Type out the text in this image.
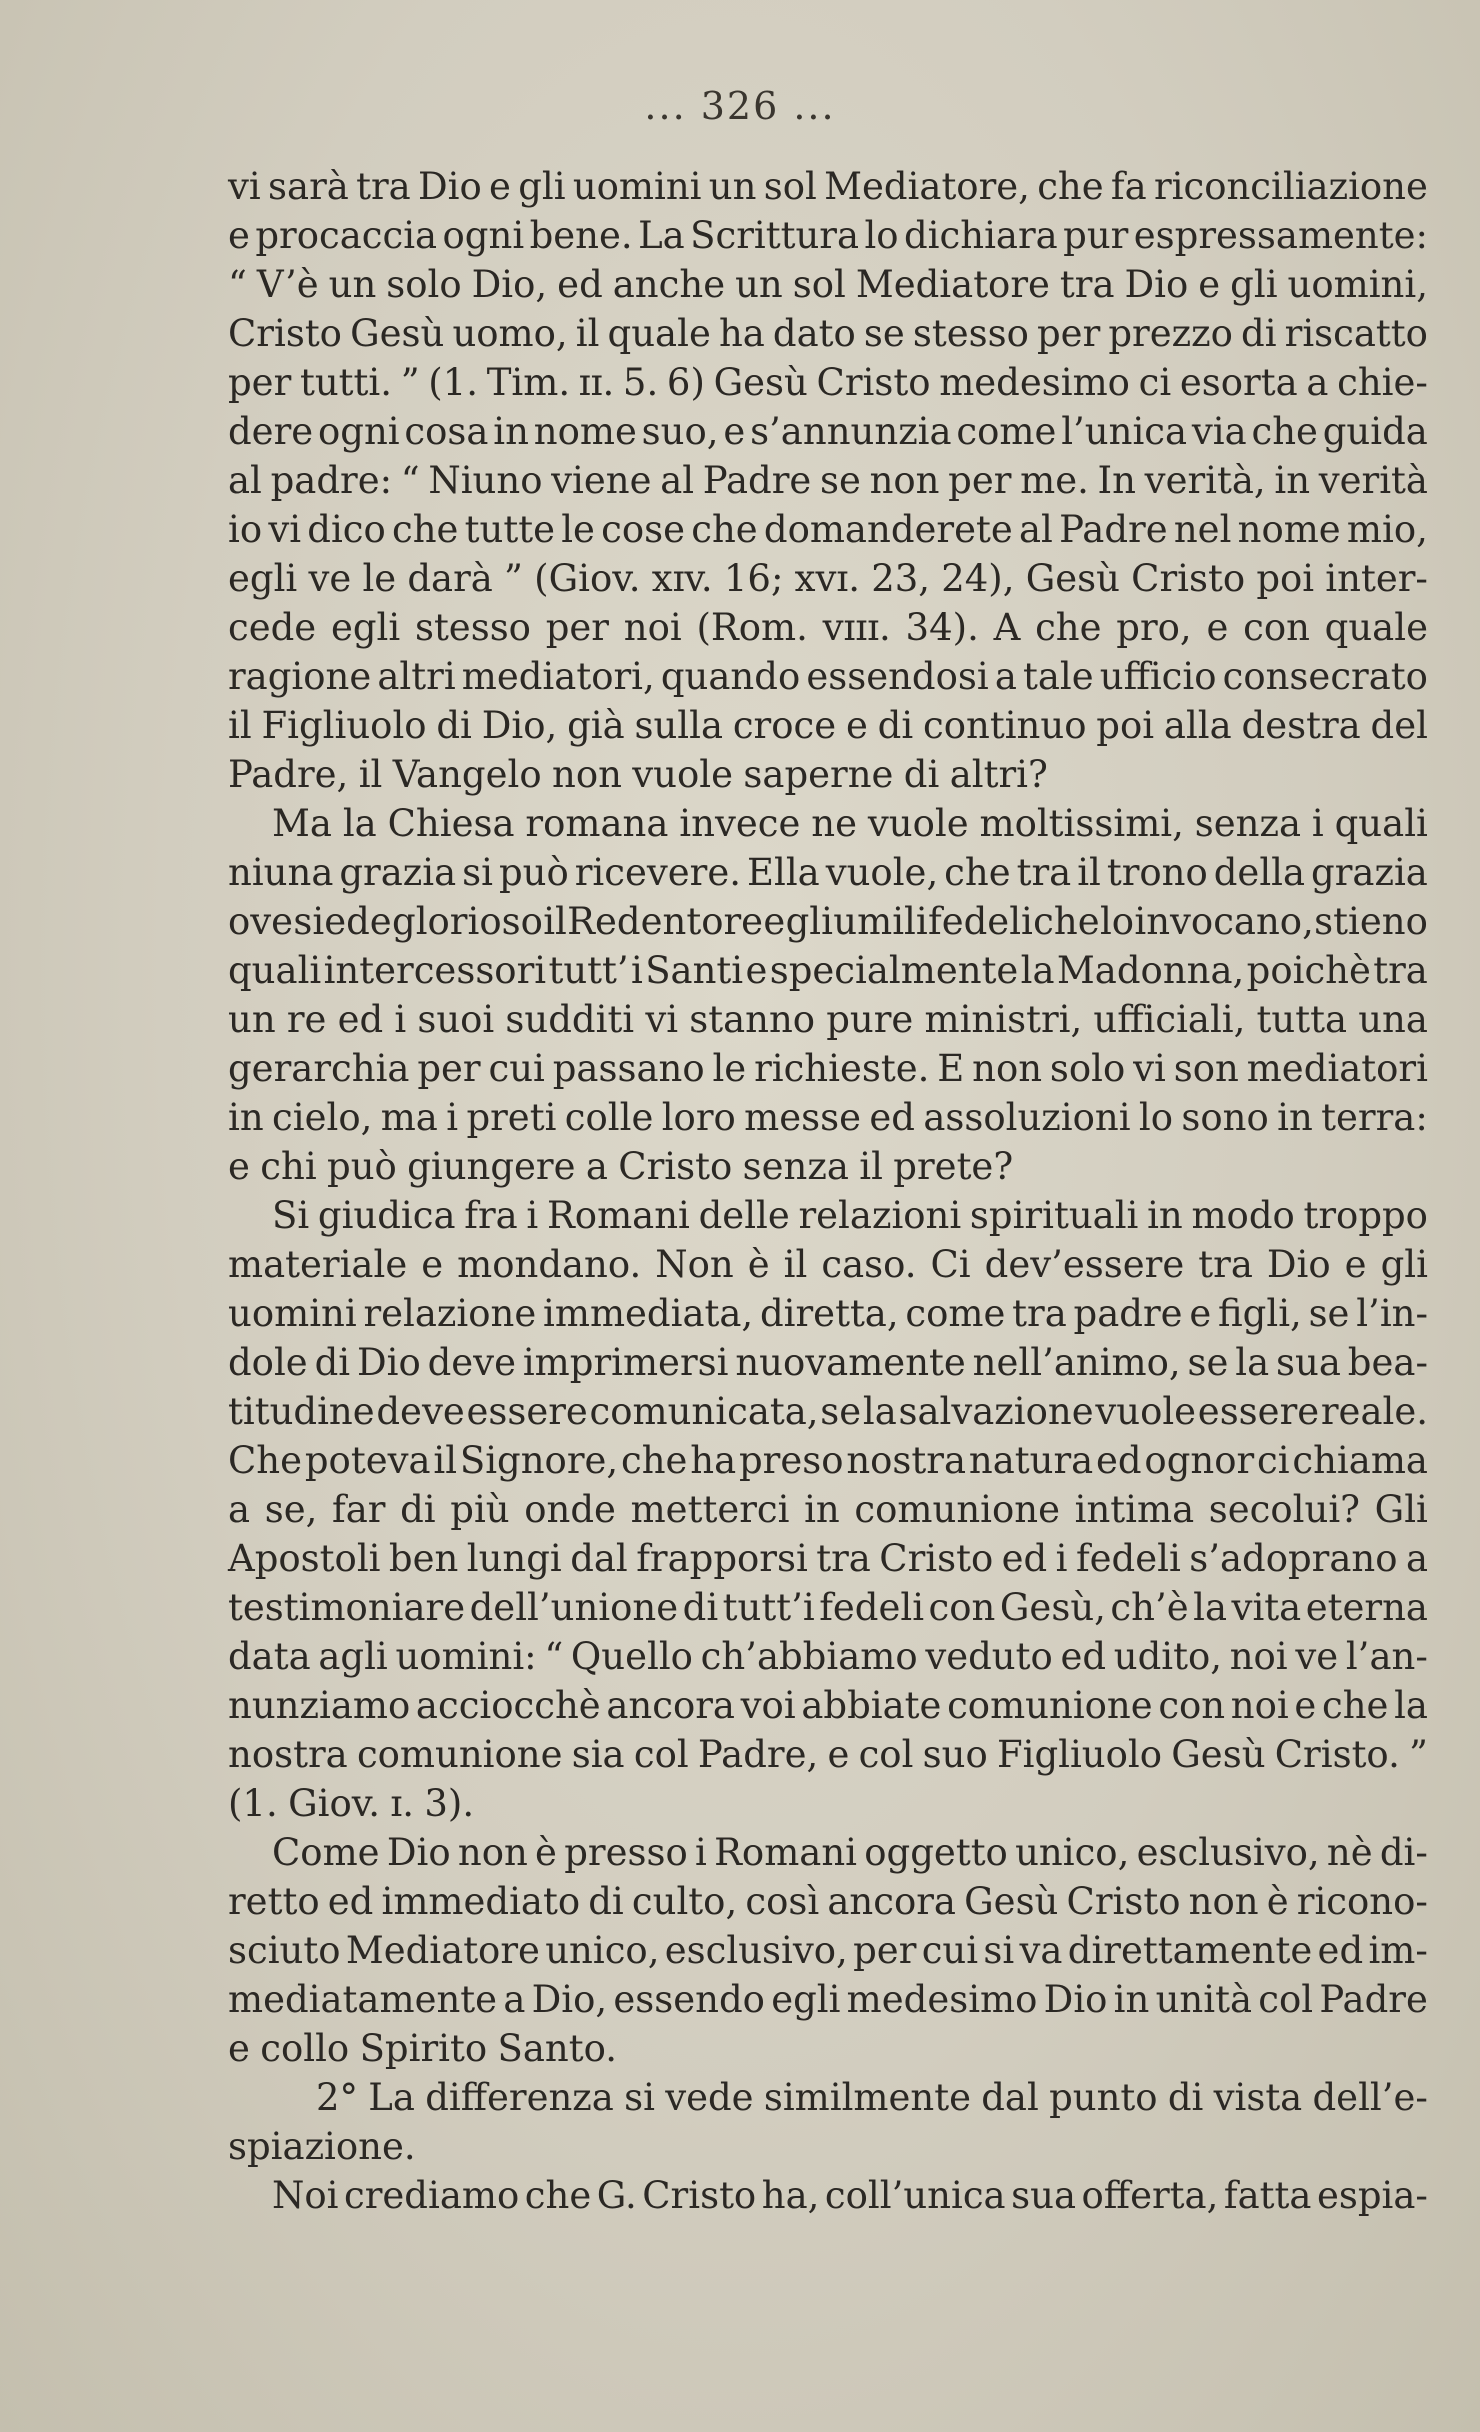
... 326 ...
vi sarà tra Dio e gli uomini un sol Mediatore, che fa riconciliazione
e procaccia ogni bene. La Scrittura lo dichiara pur espressamente:
“ V’è un solo Dio, ed anche un sol Mediatore tra Dio e gli uomini,
Cristo Gesù uomo, il quale ha dato se stesso per prezzo di riscatto
per tutti. ” (1. Tim. ɪɪ. 5. 6) Gesù Cristo medesimo ci esorta a chie-
dere ogni cosa in nome suo, e s’annunzia come l’unica via che guida
al padre: “ Niuno viene al Padre se non per me. In verità, in verità
io vi dico che tutte le cose che domanderete al Padre nel nome mio,
egli ve le darà ” (Giov. xɪv. 16; xvɪ. 23, 24), Gesù Cristo poi inter-
cede egli stesso per noi (Rom. vɪɪɪ. 34). A che pro, e con quale
ragione altri mediatori, quando essendosi a tale ufficio consecrato
il Figliuolo di Dio, già sulla croce e di continuo poi alla destra del
Padre, il Vangelo non vuole saperne di altri?
Ma la Chiesa romana invece ne vuole moltissimi, senza i quali
niuna grazia si può ricevere. Ella vuole, che tra il trono della grazia
ove siede glorioso il Redentore e gli umili fedeli che lo invocano, stieno
quali intercessori tutt’ i Santi e specialmente la Madonna, poichè tra
un re ed i suoi sudditi vi stanno pure ministri, ufficiali, tutta una
gerarchia per cui passano le richieste. E non solo vi son mediatori
in cielo, ma i preti colle loro messe ed assoluzioni lo sono in terra:
e chi può giungere a Cristo senza il prete?
Si giudica fra i Romani delle relazioni spirituali in modo troppo
materiale e mondano. Non è il caso. Ci dev’essere tra Dio e gli
uomini relazione immediata, diretta, come tra padre e figli, se l’in-
dole di Dio deve imprimersi nuovamente nell’animo, se la sua bea-
titudine deve essere comunicata, se la salvazione vuole essere reale.
Che poteva il Signore, che ha preso nostra natura ed ognor ci chiama
a se, far di più onde metterci in comunione intima secolui? Gli
Apostoli ben lungi dal frapporsi tra Cristo ed i fedeli s’adoprano a
testimoniare dell’unione di tutt’i fedeli con Gesù, ch’è la vita eterna
data agli uomini: “ Quello ch’abbiamo veduto ed udito, noi ve l’an-
nunziamo acciocchè ancora voi abbiate comunione con noi e che la
nostra comunione sia col Padre, e col suo Figliuolo Gesù Cristo. ”
(1. Giov. ɪ. 3).
Come Dio non è presso i Romani oggetto unico, esclusivo, nè di-
retto ed immediato di culto, così ancora Gesù Cristo non è ricono-
sciuto Mediatore unico, esclusivo, per cui si va direttamente ed im-
mediatamente a Dio, essendo egli medesimo Dio in unità col Padre
e collo Spirito Santo.
2° La differenza si vede similmente dal punto di vista dell’e-
spiazione.
Noi crediamo che G. Cristo ha, coll’unica sua offerta, fatta espia-
